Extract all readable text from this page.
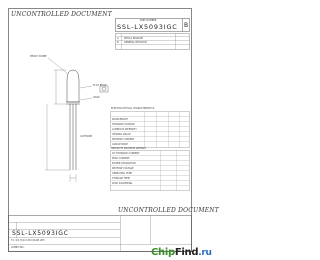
UNCONTROLLED DOCUMENT
PART NUMBER
SSL-LX5093IGC B
A INITIAL RELEASE
B GENERAL REVISION
EPOXY DOME
FLAT EDGE
LEAD
CATHODE
ELECTRO-OPTICAL CHARACTERISTICS
WAVELENGTH
FORWARD VOLTAGE
LUMINOUS INTENSITY
VIEWING ANGLE
REVERSE CURRENT
CAPACITANCE
ABSOLUTE MAXIMUM RATINGS
DC FORWARD CURRENT
PEAK CURRENT
POWER DISSIPATION
REVERSE VOLTAGE
OPERATING TEMP
STORAGE TEMP
LEAD SOLDERING
UNCONTROLLED DOCUMENT
SSL-LX5093IGC
T-1 3/4 (5mm) BI-COLOR LED
LUMEX INC.	ChipFind.ru
